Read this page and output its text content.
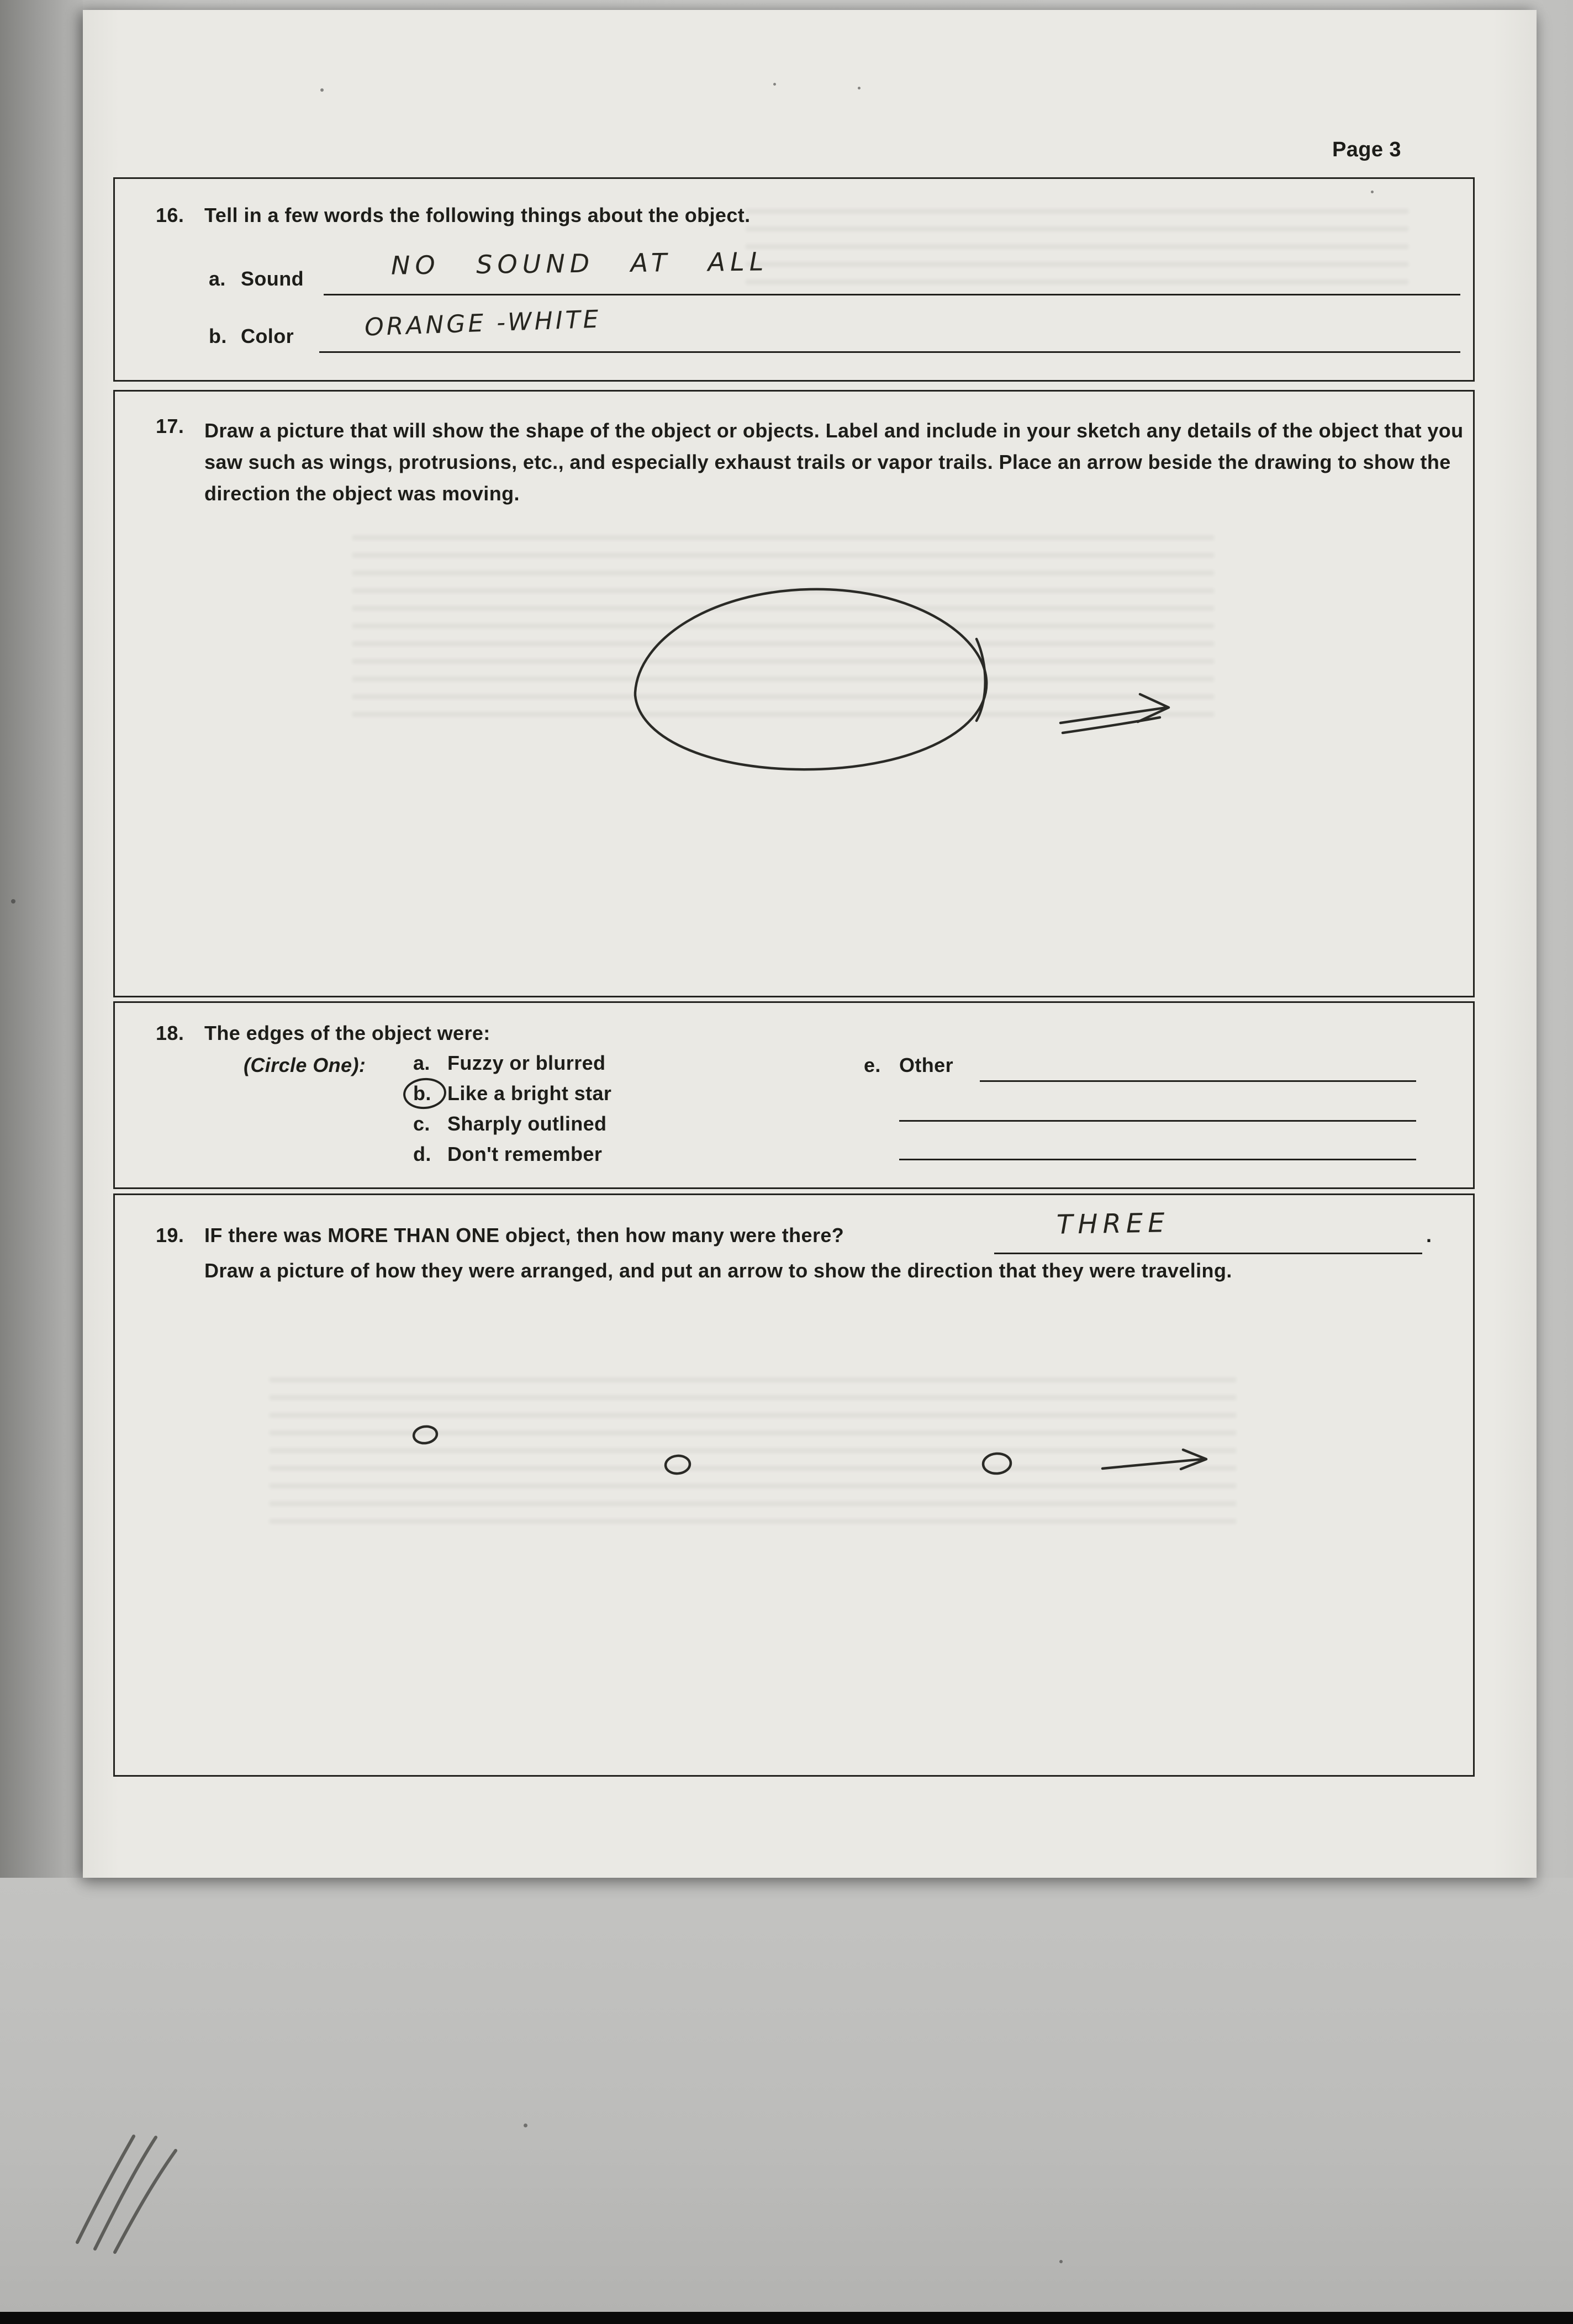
Page 3
16.	Tell in a few words the following things about the object.
a. Sound	NO SOUND AT ALL
b. Color	ORANGE -WHITE
17.	Draw a picture that will show the shape of the object or objects. Label and include in your sketch any details of the object that you saw such as wings, protrusions, etc., and especially exhaust trails or vapor trails. Place an arrow beside the drawing to show the direction the object was moving.
18.	The edges of the object were:
(Circle One): a. Fuzzy or blurred
b. Like a bright star
c. Sharply outlined
d. Don't remember
e. Other
19.	IF there was MORE THAN ONE object, then how many were there?	THREE	.
Draw a picture of how they were arranged, and put an arrow to show the direction that they were traveling.
